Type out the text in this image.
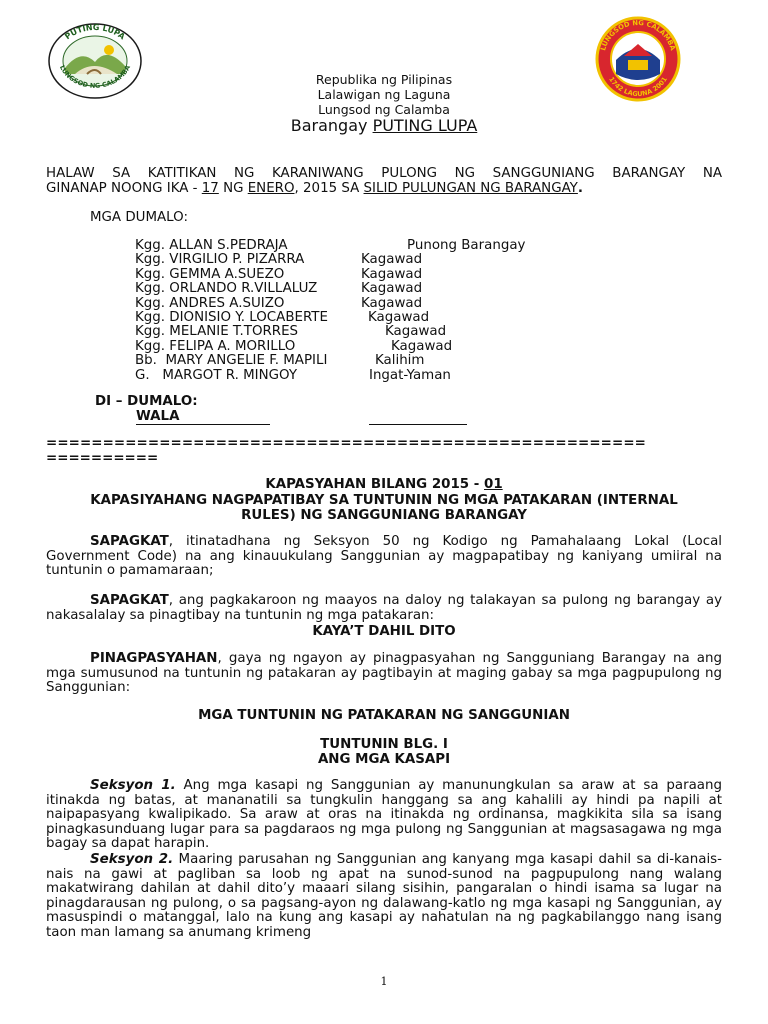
PUTING LUPA
LUNGSOD NG CALAMBA
LUNGSOD NG CALAMBA
1742 LAGUNA 2001
Republika ng Pilipinas
Lalawigan ng Laguna
Lungsod ng Calamba
Barangay PUTING LUPA
HALAW SA KATITIKAN NG KARANIWANG PULONG NG SANGGUNIANG BARANGAY NA
GINANAP NOONG IKA - 17 NG ENERO, 2015 SA SILID PULUNGAN NG BARANGAY.
MGA DUMALO:
Kgg. ALLAN S.PEDRAJA	Punong Barangay
Kgg. VIRGILIO P. PIZARRA	Kagawad
Kgg. GEMMA A.SUEZO	Kagawad
Kgg. ORLANDO R.VILLALUZ	Kagawad
Kgg. ANDRES A.SUIZO	Kagawad
Kgg. DIONISIO Y. LOCABERTE	Kagawad
Kgg. MELANIE T.TORRES	Kagawad
Kgg. FELIPA A. MORILLO	Kagawad
Bb.  MARY ANGELIE F. MAPILI	Kalihim
G.   MARGOT R. MINGOY	Ingat-Yaman
DI – DUMALO:
WALA
=====================================================
==========
KAPASYAHAN BILANG 2015 - 01
KAPASIYAHANG NAGPAPATIBAY SA TUNTUNIN NG MGA PATAKARAN (INTERNAL
RULES) NG SANGGUNIANG BARANGAY
SAPAGKAT, itinatadhana ng Seksyon 50 ng Kodigo ng Pamahalaang Lokal (Local Government Code) na ang kinauukulang Sanggunian ay magpapatibay ng kaniyang umiiral na tuntunin o pamamaraan;
SAPAGKAT, ang pagkakaroon ng maayos na daloy ng talakayan sa pulong ng barangay ay nakasalalay sa pinagtibay na tuntunin ng mga patakaran:
KAYA’T DAHIL DITO
PINAGPASYAHAN, gaya ng ngayon ay pinagpasyahan ng Sangguniang Barangay na ang mga sumusunod na tuntunin ng patakaran ay pagtibayin at maging gabay sa mga pagpupulong ng Sanggunian:
MGA TUNTUNIN NG PATAKARAN NG SANGGUNIAN
TUNTUNIN BLG. I
ANG MGA KASAPI
Seksyon 1. Ang mga kasapi ng Sanggunian ay manunungkulan sa araw at sa paraang itinakda ng batas, at mananatili sa tungkulin hanggang sa ang kahalili ay hindi pa napili at naipapasyang kwalipikado. Sa araw at oras na itinakda ng ordinansa, magkikita sila sa isang pinagkasunduang lugar para sa pagdaraos ng mga pulong ng Sanggunian at magsasagawa ng mga bagay sa dapat harapin.
Seksyon 2. Maaring parusahan ng Sanggunian ang kanyang mga kasapi dahil sa di-kanais-nais na gawi at pagliban sa loob ng apat na sunod-sunod na pagpupulong nang walang makatwirang dahilan at dahil dito’y maaari silang sisihin, pangaralan o hindi isama sa lugar na pinagdarausan ng pulong, o sa pagsang-ayon ng dalawang-katlo ng mga kasapi ng Sanggunian, ay masuspindi o matanggal, lalo na kung ang kasapi ay nahatulan na ng pagkabilanggo nang isang taon man lamang sa anumang krimeng
1
